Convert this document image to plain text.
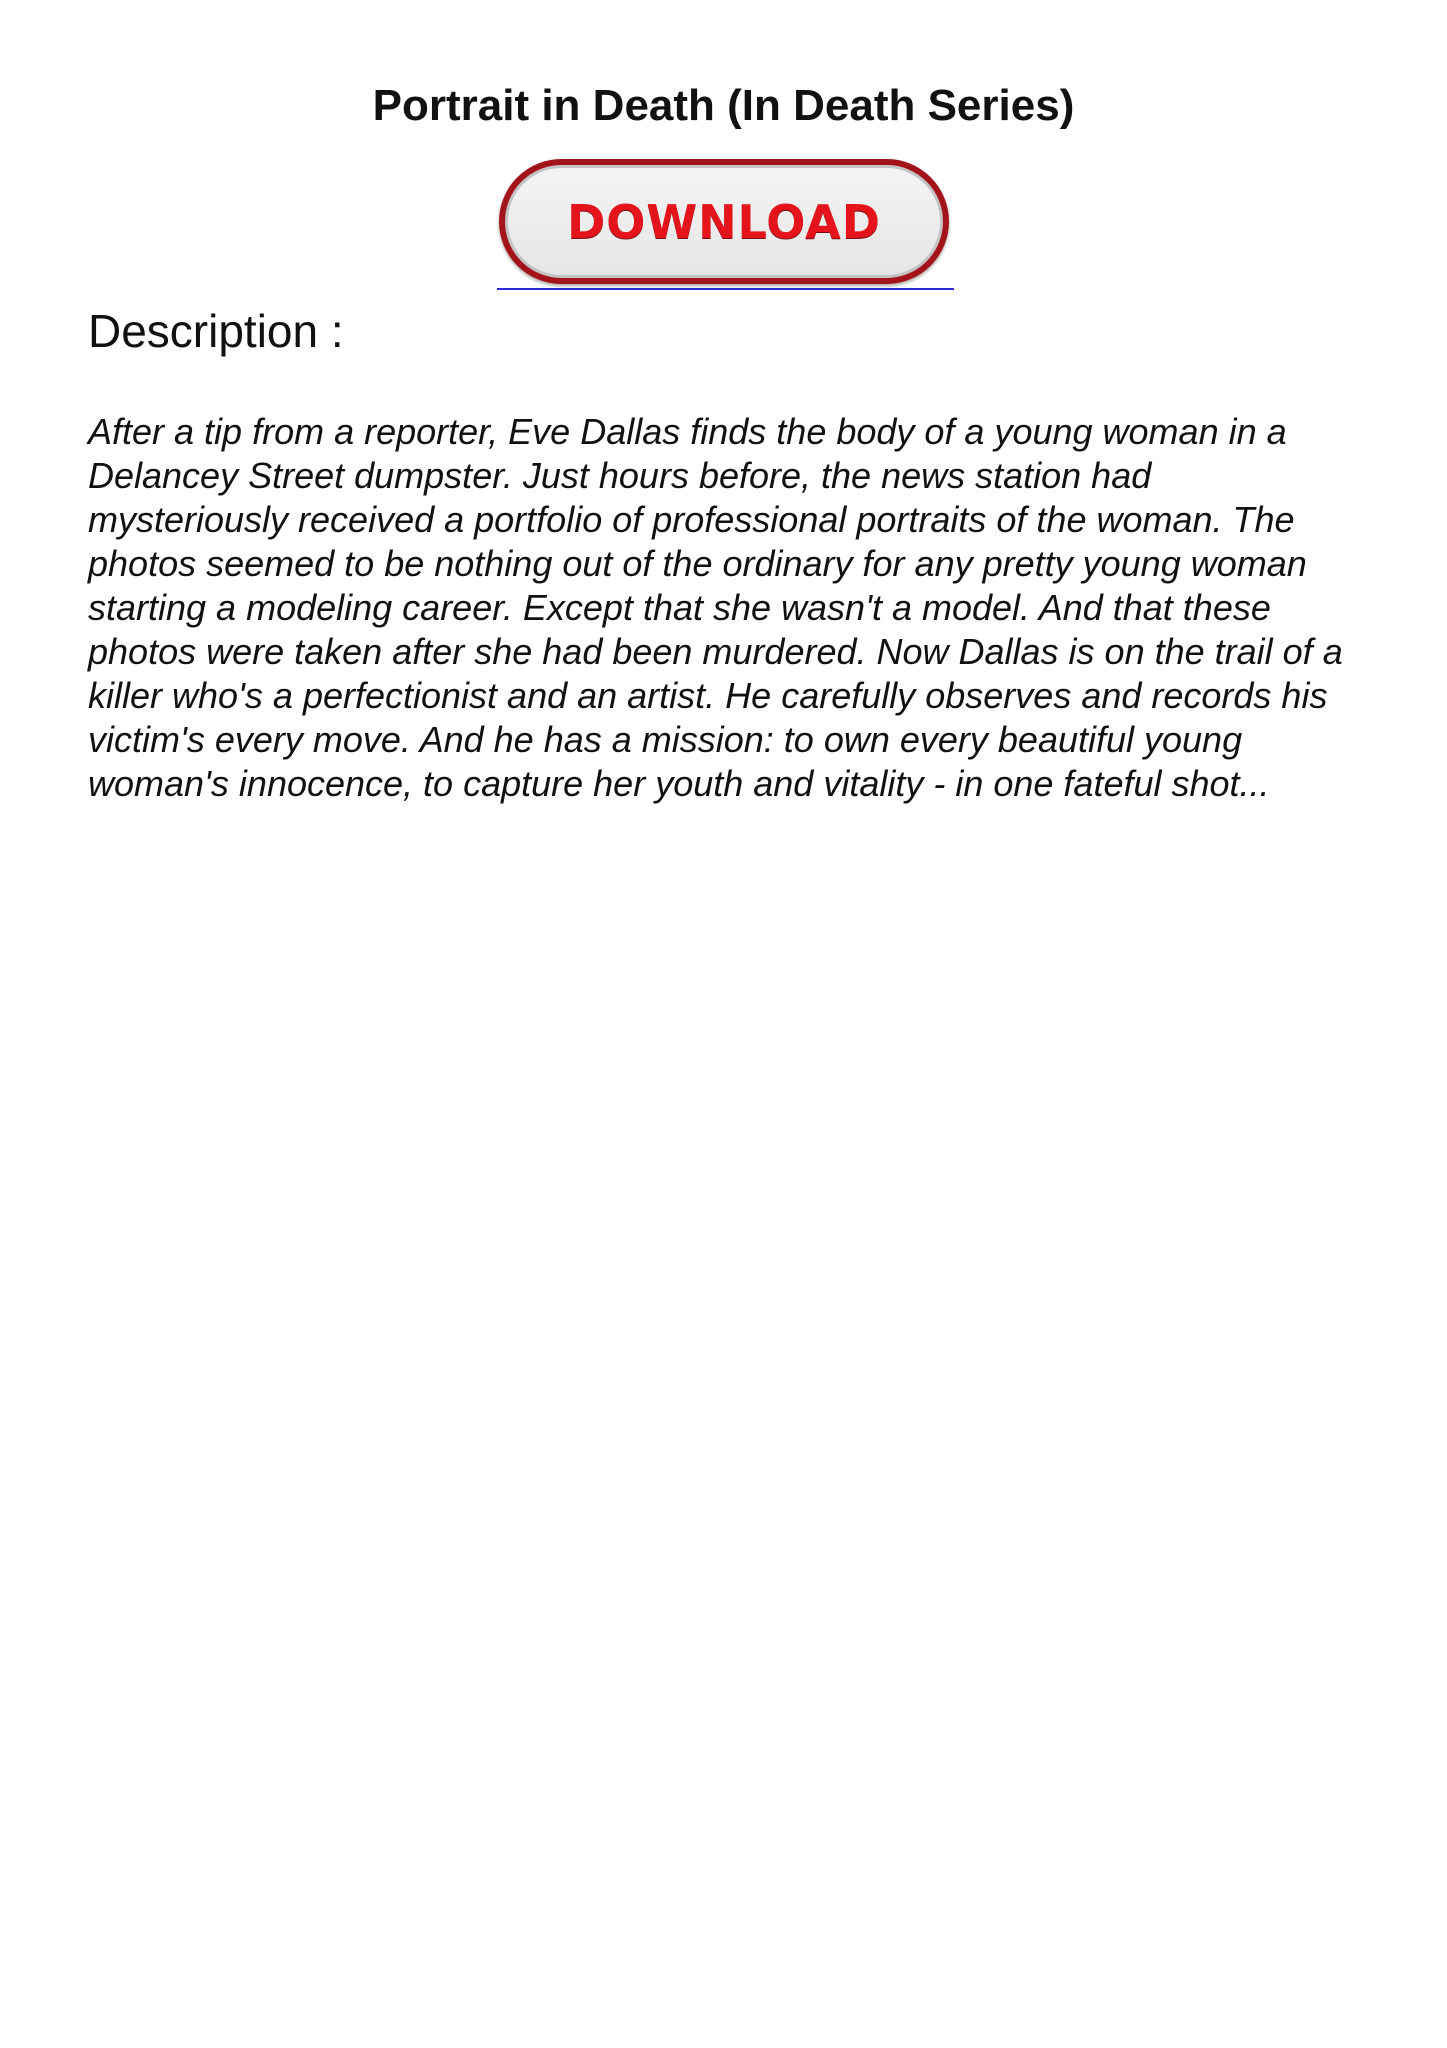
Portrait in Death (In Death Series)
DOWNLOAD
Description :

After a tip from a reporter, Eve Dallas finds the body of a young woman in a
Delancey Street dumpster. Just hours before, the news station had
mysteriously received a portfolio of professional portraits of the woman. The
photos seemed to be nothing out of the ordinary for any pretty young woman
starting a modeling career. Except that she wasn't a model. And that these
photos were taken after she had been murdered. Now Dallas is on the trail of a
killer who's a perfectionist and an artist. He carefully observes and records his
victim's every move. And he has a mission: to own every beautiful young
woman's innocence, to capture her youth and vitality - in one fateful shot...
